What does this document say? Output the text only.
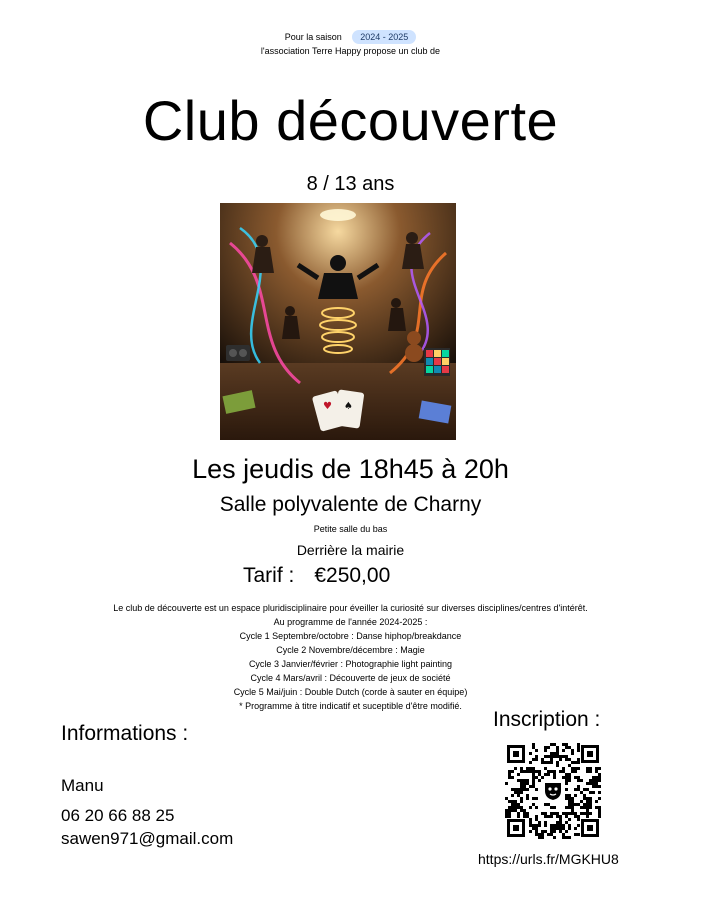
Pour la saison 2024 - 2025
l'association Terre Happy propose un club de
Club découverte
8 / 13 ans
♥ ♠
Les jeudis de 18h45 à 20h
Salle polyvalente de Charny
Petite salle du bas
Derrière la mairie
Tarif : €250,00
Le club de découverte est un espace pluridisciplinaire pour éveiller la curiosité sur diverses disciplines/centres d'intérêt.
Au programme de l'année 2024-2025 :
Cycle 1 Septembre/octobre : Danse hiphop/breakdance
Cycle 2 Novembre/décembre : Magie
Cycle 3 Janvier/février : Photographie light painting
Cycle 4 Mars/avril : Découverte de jeux de société
Cycle 5 Mai/juin : Double Dutch (corde à sauter en équipe)
* Programme à titre indicatif et suceptible d'être modifié.
Informations :
Manu
06 20 66 88 25
sawen971@gmail.com
Inscription :
https://urls.fr/MGKHU8
